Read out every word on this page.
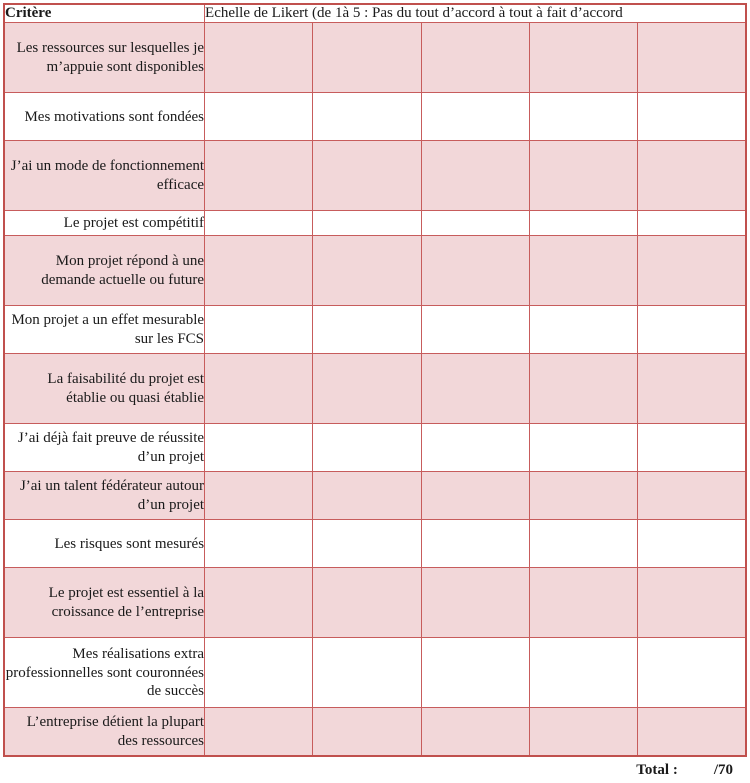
Critère	Echelle de Likert (de 1à 5 : Pas du tout d’accord à tout à fait d’accord				
Les ressources sur lesquelles je m’appuie sont disponibles					
Mes motivations sont fondées					
J’ai un mode de fonctionnement efficace					
Le projet est compétitif					
Mon projet répond à une demande actuelle ou future					
Mon projet a un effet mesurable sur les FCS					
La faisabilité du projet est établie ou quasi établie					
J’ai déjà fait preuve de réussite d’un projet					
J’ai un talent fédérateur autour d’un projet					
Les risques sont mesurés					
Le projet est essentiel à la croissance de l’entreprise					
Mes réalisations extra professionnelles sont couronnées de succès					
L’entreprise détient la plupart des ressources					
Total : /70
